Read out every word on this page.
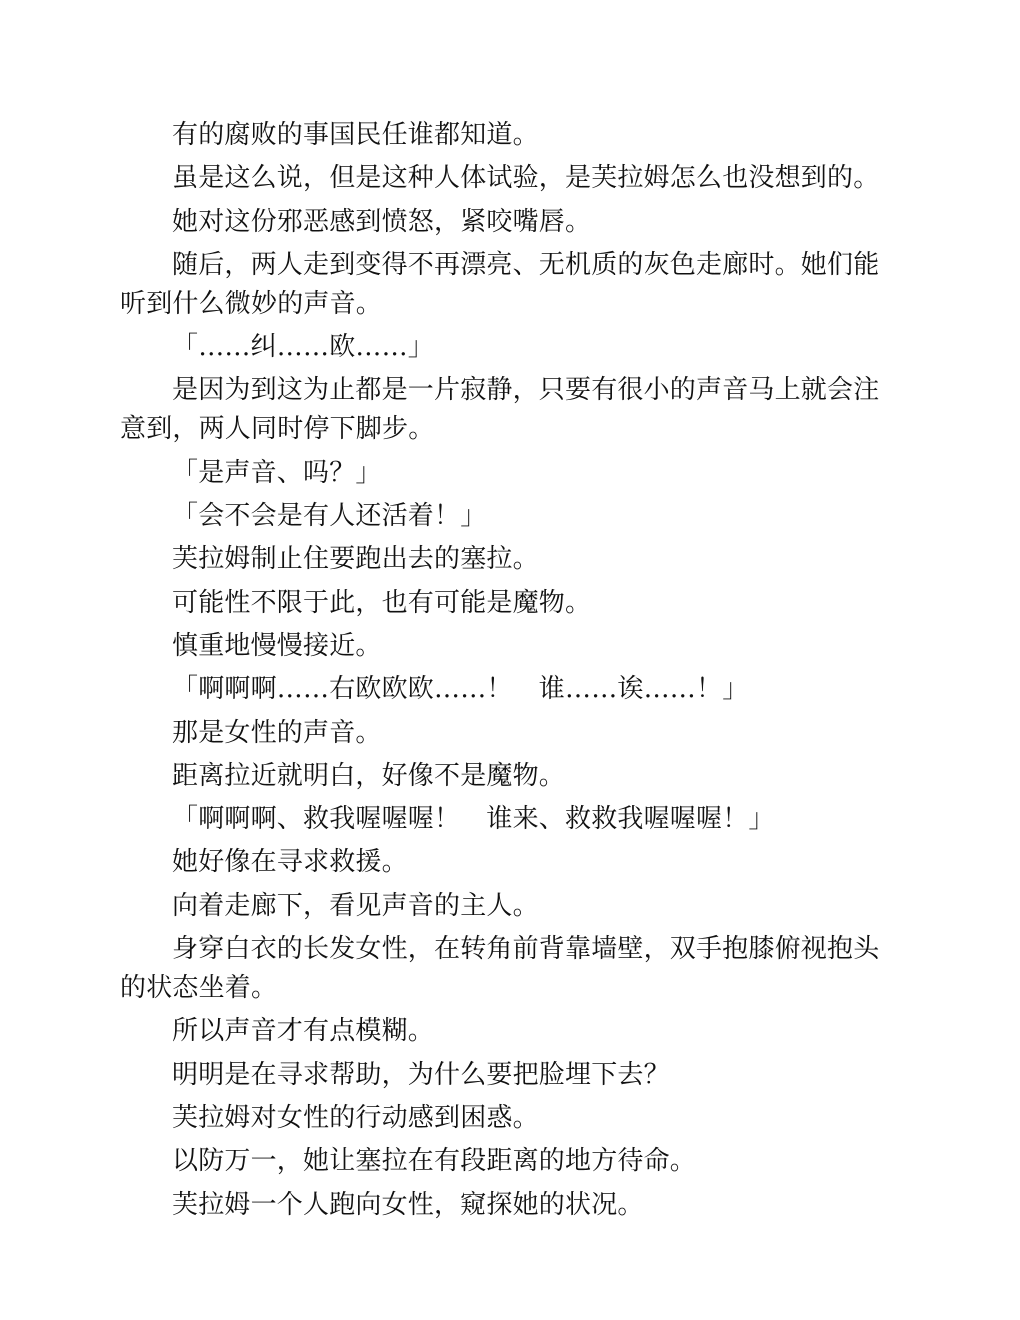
有的腐败的事国民任谁都知道。

虽是这么说，但是这种人体试验，是芙拉姆怎么也没想到的。

她对这份邪恶感到愤怒，紧咬嘴唇。

随后，两人走到变得不再漂亮、无机质的灰色走廊时。她们能听到什么微妙的声音。

「……纠……欧……」

是因为到这为止都是一片寂静，只要有很小的声音马上就会注意到，两人同时停下脚步。

「是声音、吗？」

「会不会是有人还活着！」

芙拉姆制止住要跑出去的塞拉。

可能性不限于此，也有可能是魔物。

慎重地慢慢接近。

「啊啊啊……右欧欧欧……！　谁……诶……！」

那是女性的声音。

距离拉近就明白，好像不是魔物。

「啊啊啊、救我喔喔喔！　谁来、救救我喔喔喔！」

她好像在寻求救援。

向着走廊下，看见声音的主人。

身穿白衣的长发女性，在转角前背靠墙壁，双手抱膝俯视抱头的状态坐着。

所以声音才有点模糊。

明明是在寻求帮助，为什么要把脸埋下去？

芙拉姆对女性的行动感到困惑。

以防万一，她让塞拉在有段距离的地方待命。

芙拉姆一个人跑向女性，窥探她的状况。
